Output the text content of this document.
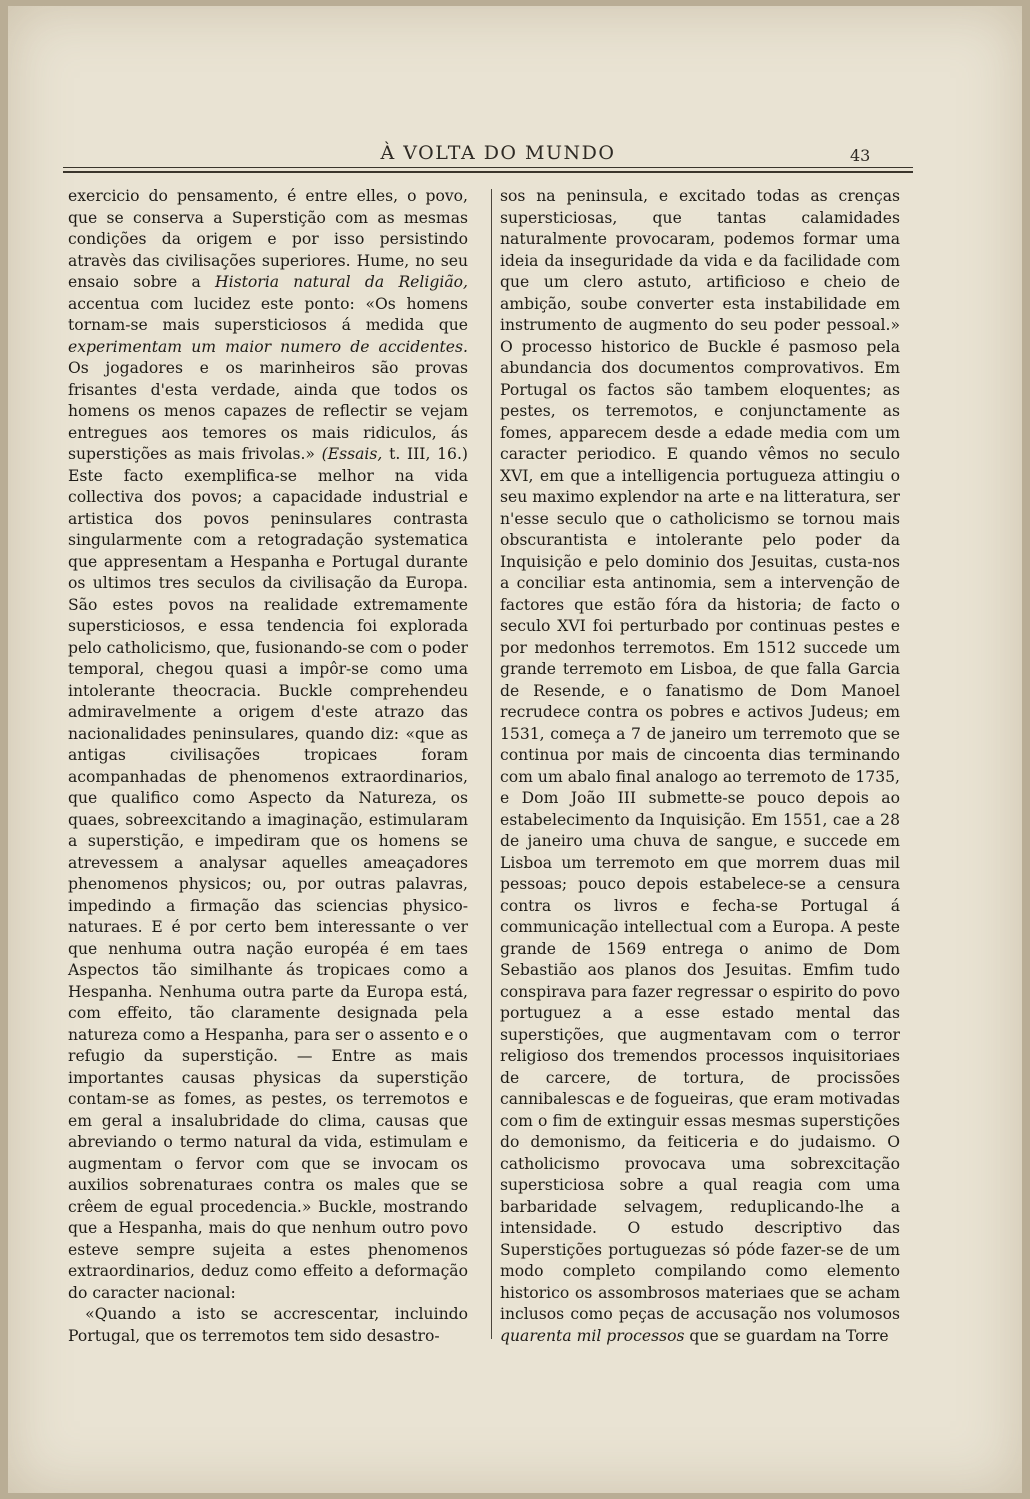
À VOLTA DO MUNDO	43

exercicio do pensamento, é entre elles, o povo, que se conserva a Superstição com as mesmas condições da origem e por isso persistindo atravès das civilisações superiores. Hume, no seu ensaio sobre a Historia natural da Religião, accentua com lucidez este ponto: «Os homens tornam-se mais supersticiosos á medida que experimentam um maior numero de accidentes. Os jogadores e os marinheiros são provas frisantes d'esta verdade, ainda que todos os homens os menos capazes de reflectir se vejam entregues aos temores os mais ridiculos, ás superstições as mais frivolas.» (Essais, t. III, 16.) Este facto exemplifica-se melhor na vida collectiva dos povos; a capacidade industrial e artistica dos povos peninsulares contrasta singularmente com a retogradação systematica que appresentam a Hespanha e Portugal durante os ultimos tres seculos da civilisação da Europa. São estes povos na realidade extremamente supersticiosos, e essa tendencia foi explorada pelo catholicismo, que, fusionando-se com o poder temporal, chegou quasi a impôr-se como uma intolerante theocracia. Buckle comprehendeu admiravelmente a origem d'este atrazo das nacionalidades peninsulares, quando diz: «que as antigas civilisações tropicaes foram acompanhadas de phenomenos extraordinarios, que qualifico como Aspecto da Natureza, os quaes, sobreexcitando a imaginação, estimularam a superstição, e impediram que os homens se atrevessem a analysar aquelles ameaçadores phenomenos physicos; ou, por outras palavras, impedindo a firmação das sciencias physico-naturaes. E é por certo bem interessante o ver que nenhuma outra nação européa é em taes Aspectos tão similhante ás tropicaes como a Hespanha. Nenhuma outra parte da Europa está, com effeito, tão claramente designada pela natureza como a Hespanha, para ser o assento e o refugio da superstição. — Entre as mais importantes causas physicas da superstição contam-se as fomes, as pestes, os terremotos e em geral a insalubridade do clima, causas que abreviando o termo natural da vida, estimulam e augmentam o fervor com que se invocam os auxilios sobrenaturaes contra os males que se crêem de egual procedencia.» Buckle, mostrando que a Hespanha, mais do que nenhum outro povo esteve sempre sujeita a estes phenomenos extraordinarios, deduz como effeito a deformação do caracter nacional:

«Quando a isto se accrescentar, incluindo Portugal, que os terremotos tem sido desastro-

sos na peninsula, e excitado todas as crenças supersticiosas, que tantas calamidades naturalmente provocaram, podemos formar uma ideia da inseguridade da vida e da facilidade com que um clero astuto, artificioso e cheio de ambição, soube converter esta instabilidade em instrumento de augmento do seu poder pessoal.» O processo historico de Buckle é pasmoso pela abundancia dos documentos comprovativos. Em Portugal os factos são tambem eloquentes; as pestes, os terremotos, e conjunctamente as fomes, apparecem desde a edade media com um caracter periodico. E quando vêmos no seculo XVI, em que a intelligencia portugueza attingiu o seu maximo explendor na arte e na litteratura, ser n'esse seculo que o catholicismo se tornou mais obscurantista e intolerante pelo poder da Inquisição e pelo dominio dos Jesuitas, custa-nos a conciliar esta antinomia, sem a intervenção de factores que estão fóra da historia; de facto o seculo XVI foi perturbado por continuas pestes e por medonhos terremotos. Em 1512 succede um grande terremoto em Lisboa, de que falla Garcia de Resende, e o fanatismo de Dom Manoel recrudece contra os pobres e activos Judeus; em 1531, começa a 7 de janeiro um terremoto que se continua por mais de cincoenta dias terminando com um abalo final analogo ao terremoto de 1735, e Dom João III submette-se pouco depois ao estabelecimento da Inquisição. Em 1551, cae a 28 de janeiro uma chuva de sangue, e succede em Lisboa um terremoto em que morrem duas mil pessoas; pouco depois estabelece-se a censura contra os livros e fecha-se Portugal á communicação intellectual com a Europa. A peste grande de 1569 entrega o animo de Dom Sebastião aos planos dos Jesuitas. Emfim tudo conspirava para fazer regressar o espirito do povo portuguez a a esse estado mental das superstições, que augmentavam com o terror religioso dos tremendos processos inquisitoriaes de carcere, de tortura, de procissões cannibalescas e de fogueiras, que eram motivadas com o fim de extinguir essas mesmas superstições do demonismo, da feiticeria e do judaismo. O catholicismo provocava uma sobrexcitação supersticiosa sobre a qual reagia com uma barbaridade selvagem, reduplicando-lhe a intensidade. O estudo descriptivo das Superstições portuguezas só póde fazer-se de um modo completo compilando como elemento historico os assombrosos materiaes que se acham inclusos como peças de accusação nos volumosos quarenta mil processos que se guardam na Torre
